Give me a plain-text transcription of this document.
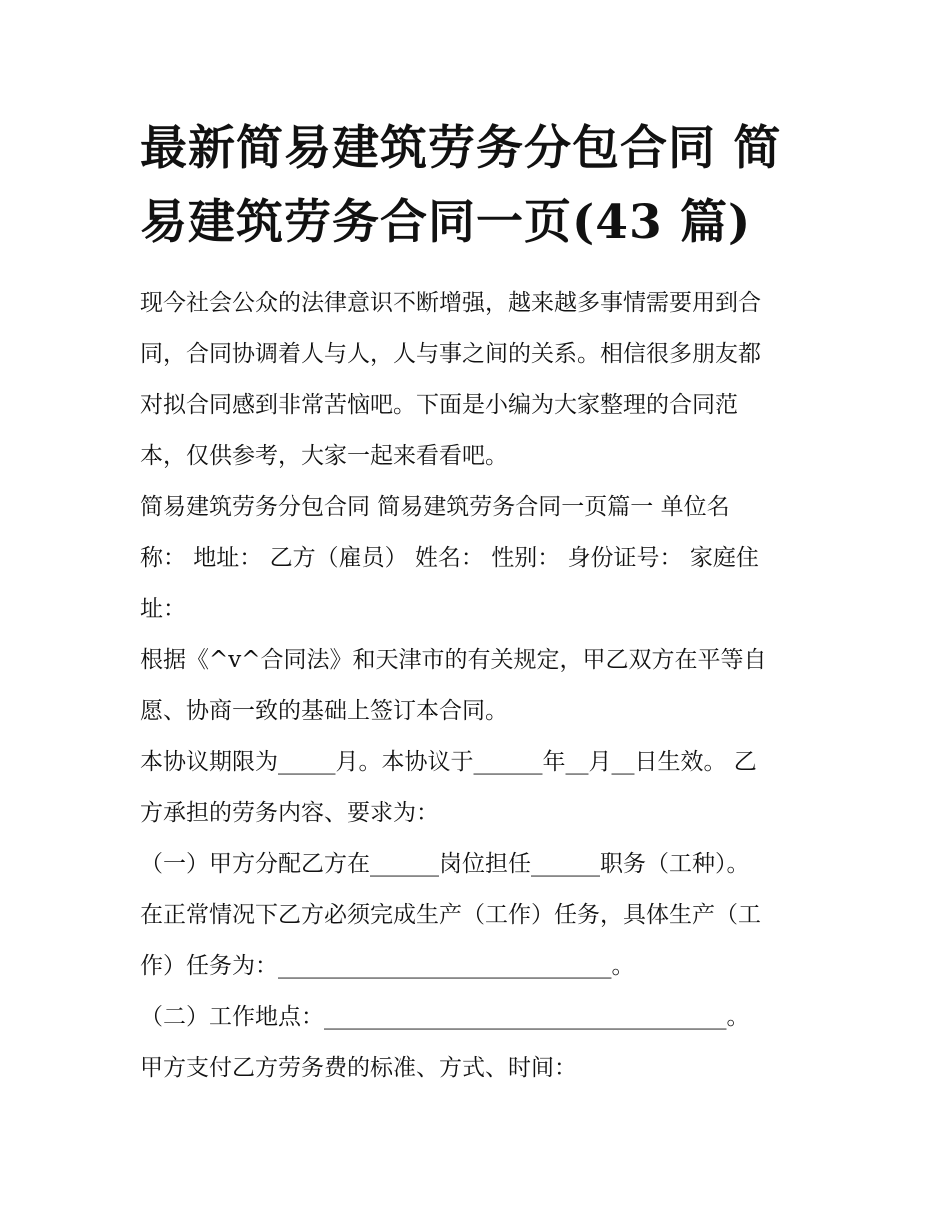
最新简易建筑劳务分包合同 简
易建筑劳务合同一页(43 篇)
现今社会公众的法律意识不断增强，越来越多事情需要用到合
同，合同协调着人与人，人与事之间的关系。相信很多朋友都
对拟合同感到非常苦恼吧。下面是小编为大家整理的合同范
本，仅供参考，大家一起来看看吧。
简易建筑劳务分包合同 简易建筑劳务合同一页篇一 单位名
称： 地址： 乙方（雇员） 姓名： 性别： 身份证号： 家庭住
址：
根据《^v^合同法》和天津市的有关规定，甲乙双方在平等自
愿、协商一致的基础上签订本合同。
本协议期限为_____月。本协议于______年__月__日生效。 乙
方承担的劳务内容、要求为：
（一）甲方分配乙方在______岗位担任______职务（工种）。
在正常情况下乙方必须完成生产（工作）任务，具体生产（工
作）任务为：_____________________________。
（二）工作地点：___________________________________。
甲方支付乙方劳务费的标准、方式、时间：
